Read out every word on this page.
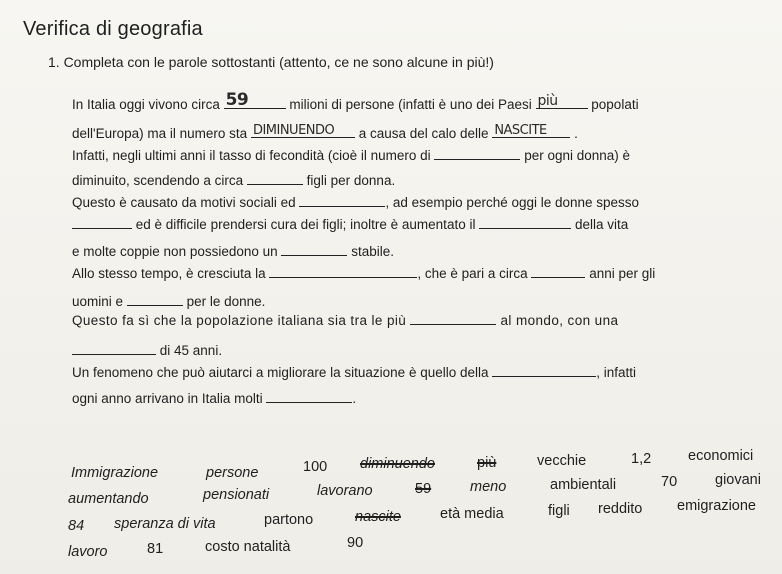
Verifica di geografia
1. Completa con le parole sottostanti (attento, ce ne sono alcune in più!)
In Italia oggi vivono circa 59	milioni di persone (infatti è uno dei Paesi più popolati
dell'Europa) ma il numero sta DIMINUENDO a causa del calo delle NASCITE .
Infatti, negli ultimi anni il tasso di fecondità (cioè il numero di	per ogni donna) è
diminuito, scendendo a circa	figli per donna.
Questo è causato da motivi sociali ed	, ad esempio perché oggi le donne spesso
ed è difficile prendersi cura dei figli; inoltre è aumentato il	della vita
e molte coppie non possiedono un	stabile.
Allo stesso tempo, è cresciuta la	, che è pari a circa	anni per gli
uomini e	per le donne.
Questo fa sì che la popolazione italiana sia tra le più	al mondo, con una
di 45 anni.
Un fenomeno che può aiutarci a migliorare la situazione è quello della	, infatti
ogni anno arrivano in Italia molti	.
Immigrazione	persone	100 diminuendo	più	vecchie	1,2	economici
aumentando	pensionati	lavorano	59	meno	ambientali	70	giovani
84 speranza di vita	partono	nascite	età media	figli reddito emigrazione
lavoro	81	costo natalità	90
